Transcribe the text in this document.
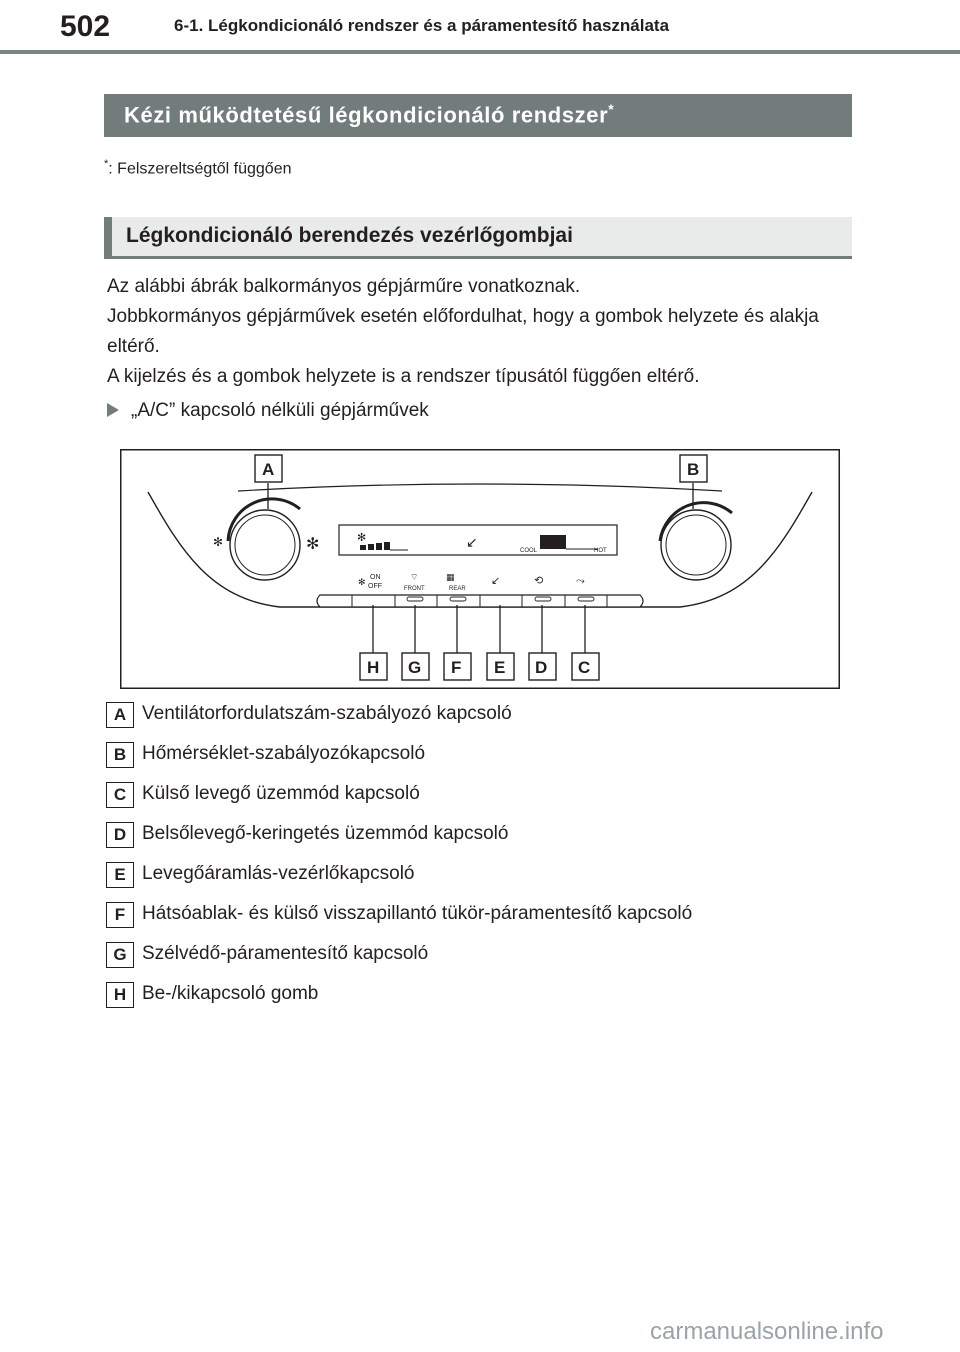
502	6-1. Légkondicionáló rendszer és a páramentesítő használata
Kézi működtetésű légkondicionáló rendszer*
*: Felszereltségtől függően
Légkondicionáló berendezés vezérlőgombjai

Az alábbi ábrák balkormányos gépjárműre vonatkoznak.

Jobbkormányos gépjárművek esetén előfordulhat, hogy a gombok helyzete és alakja eltérő.

A kijelzés és a gombok helyzete is a rendszer típusától függően eltérő.

„A/C” kapcsoló nélküli gépjárművek
✻	✻	✻	↙	COOL	HOT
✻
ON
OFF
⌔
FRONT
▦
REAR
↙	⟲	⤳
A	B
H G F E D C
A Ventilátorfordulatszám-szabályozó kapcsoló
B Hőmérséklet-szabályozókapcsoló
C Külső levegő üzemmód kapcsoló
D Belsőlevegő-keringetés üzemmód kapcsoló
E Levegőáramlás-vezérlőkapcsoló
F Hátsóablak- és külső visszapillantó tükör-páramentesítő kapcsoló
G Szélvédő-páramentesítő kapcsoló
H Be-/kikapcsoló gomb
carmanualsonline.info
